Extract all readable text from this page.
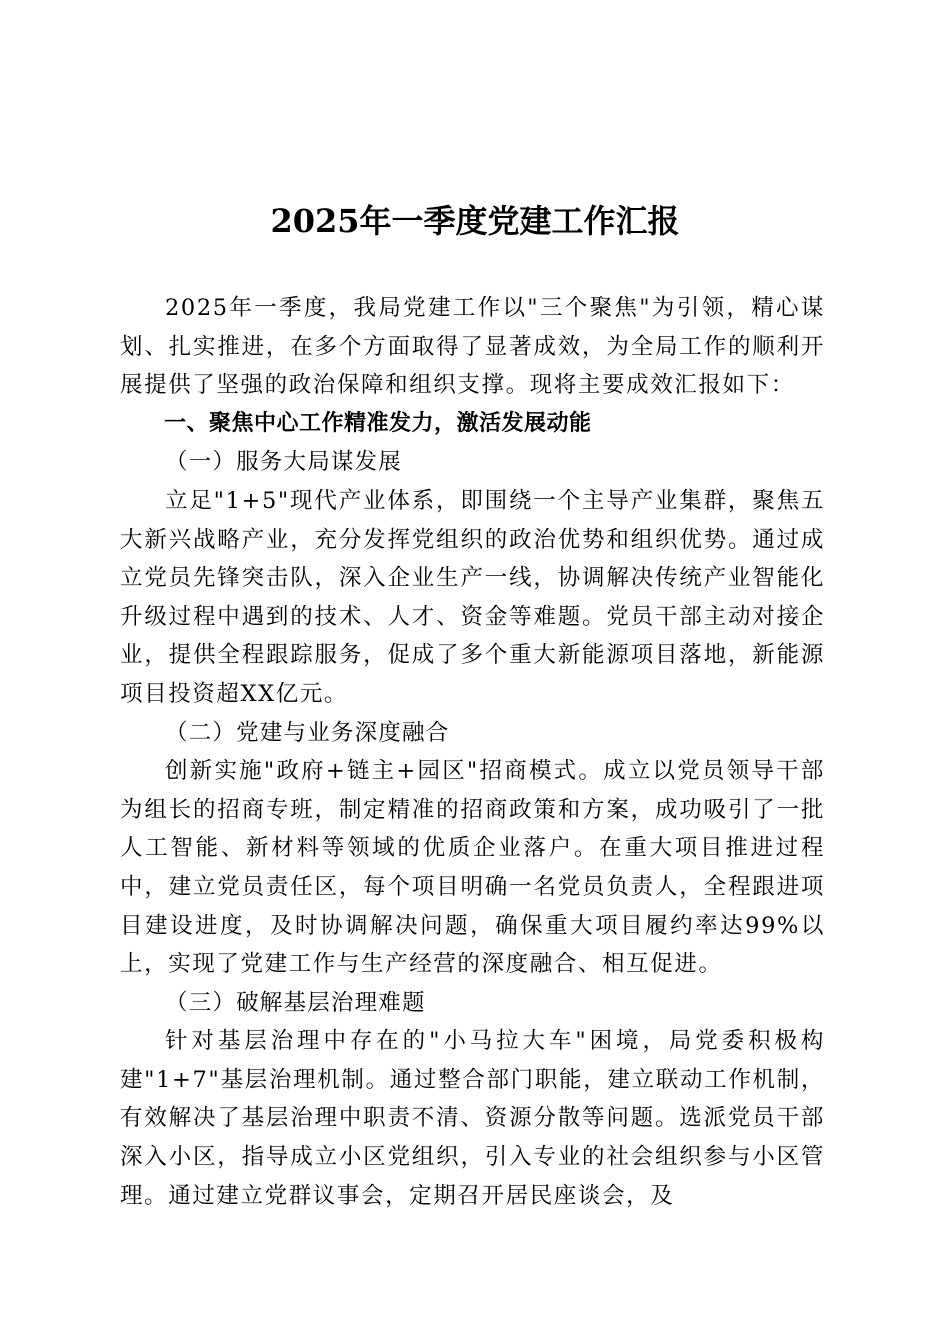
2025年一季度党建工作汇报

2025年一季度，我局党建工作以"三个聚焦"为引领，精心谋划、扎实推进，在多个方面取得了显著成效，为全局工作的顺利开展提供了坚强的政治保障和组织支撑。现将主要成效汇报如下：

一、聚焦中心工作精准发力，激活发展动能

（一）服务大局谋发展

立足"1+5"现代产业体系，即围绕一个主导产业集群，聚焦五大新兴战略产业，充分发挥党组织的政治优势和组织优势。通过成立党员先锋突击队，深入企业生产一线，协调解决传统产业智能化升级过程中遇到的技术、人才、资金等难题。党员干部主动对接企业，提供全程跟踪服务，促成了多个重大新能源项目落地，新能源项目投资超XX亿元。

（二）党建与业务深度融合

创新实施"政府+链主+园区"招商模式。成立以党员领导干部为组长的招商专班，制定精准的招商政策和方案，成功吸引了一批人工智能、新材料等领域的优质企业落户。在重大项目推进过程中，建立党员责任区，每个项目明确一名党员负责人，全程跟进项目建设进度，及时协调解决问题，确保重大项目履约率达99%以上，实现了党建工作与生产经营的深度融合、相互促进。

（三）破解基层治理难题

针对基层治理中存在的"小马拉大车"困境，局党委积极构建"1+7"基层治理机制。通过整合部门职能，建立联动工作机制，有效解决了基层治理中职责不清、资源分散等问题。选派党员干部深入小区，指导成立小区党组织，引入专业的社会组织参与小区管理。通过建立党群议事会，定期召开居民座谈会，及
